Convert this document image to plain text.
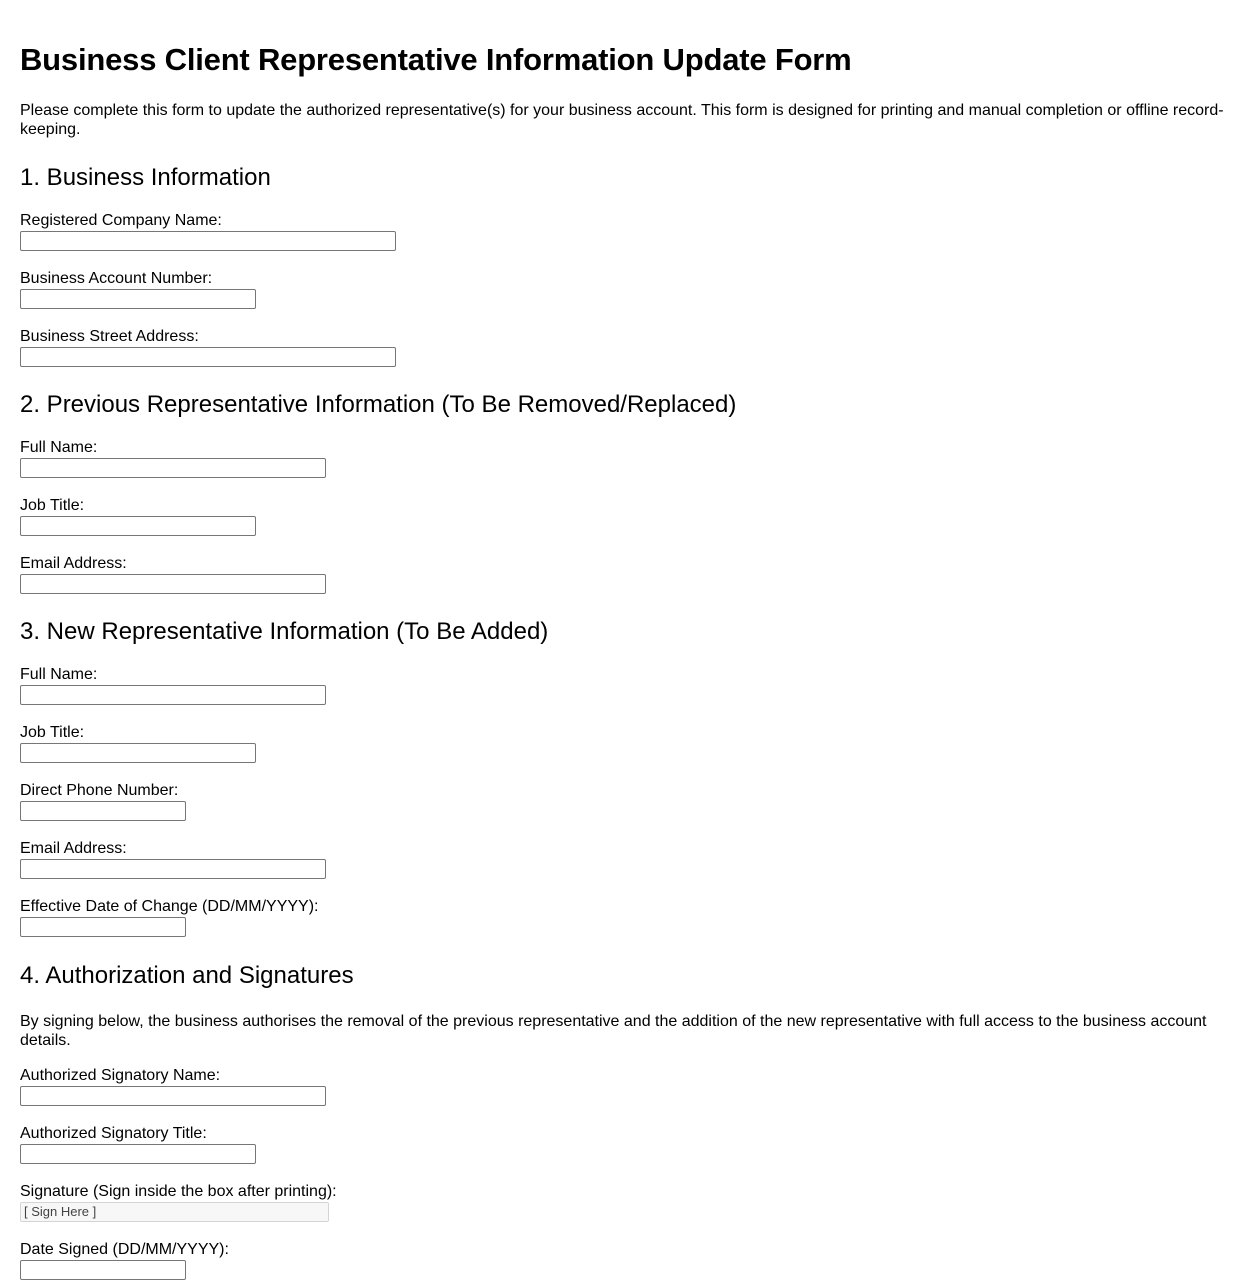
Business Client Representative Information Update Form

Please complete this form to update the authorized representative(s) for your business account. This form is designed for printing and manual completion or offline record-keeping.

1. Business Information
Registered Company Name:
Business Account Number:
Business Street Address:
2. Previous Representative Information (To Be Removed/Replaced)
Full Name:
Job Title:
Email Address:
3. New Representative Information (To Be Added)
Full Name:
Job Title:
Direct Phone Number:
Email Address:
Effective Date of Change (DD/MM/YYYY):
4. Authorization and Signatures

By signing below, the business authorises the removal of the previous representative and the addition of the new representative with full access to the business account details.

Authorized Signatory Name:
Authorized Signatory Title:
Signature (Sign inside the box after printing):
[ Sign Here ]
Date Signed (DD/MM/YYYY):
